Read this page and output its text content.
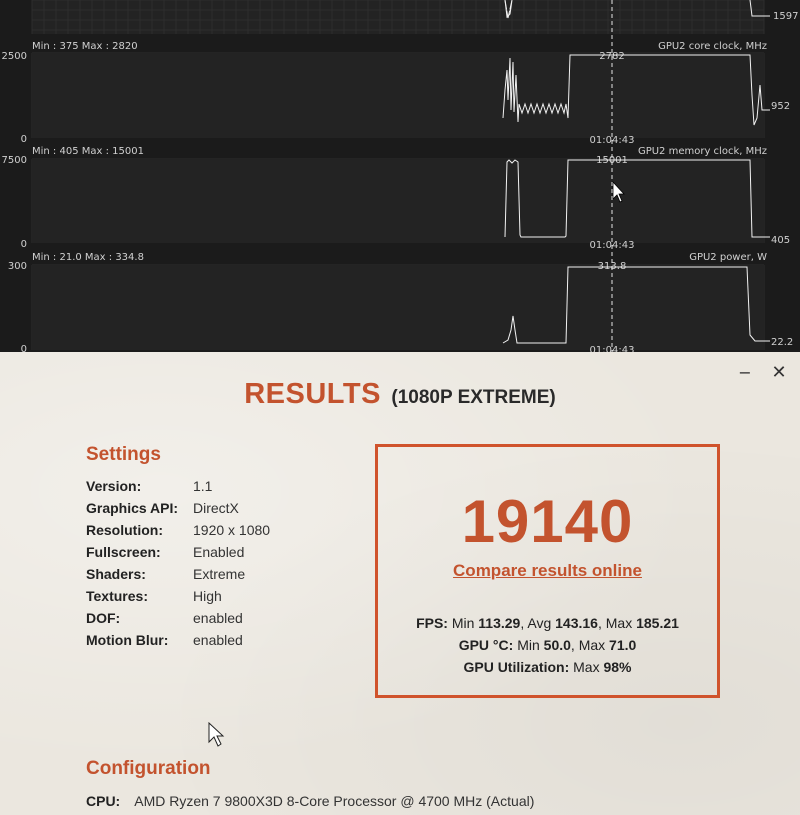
1597
Min : 375 Max : 2820	GPU2 core clock, MHz
2500
0	01:04:43
2782
952
Min : 405 Max : 15001	GPU2 memory clock, MHz
7500
0	01:04:43
15001
405
Min : 21.0 Max : 334.8	GPU2 power, W
300
0	01:04:43
313.8
22.2
− ✕
RESULTS (1080P EXTREME)
Settings
Version:	1.1
Graphics API: DirectX
Resolution: 1920 x 1080
Fullscreen: Enabled
Shaders:	Extreme
Textures:	High
DOF:	enabled
Motion Blur: enabled
19140
Compare results online
FPS: Min 113.29, Avg 143.16, Max 185.21
GPU °C: Min 50.0, Max 71.0
GPU Utilization: Max 98%
Configuration
CPU: AMD Ryzen 7 9800X3D 8-Core Processor @ 4700 MHz (Actual)
